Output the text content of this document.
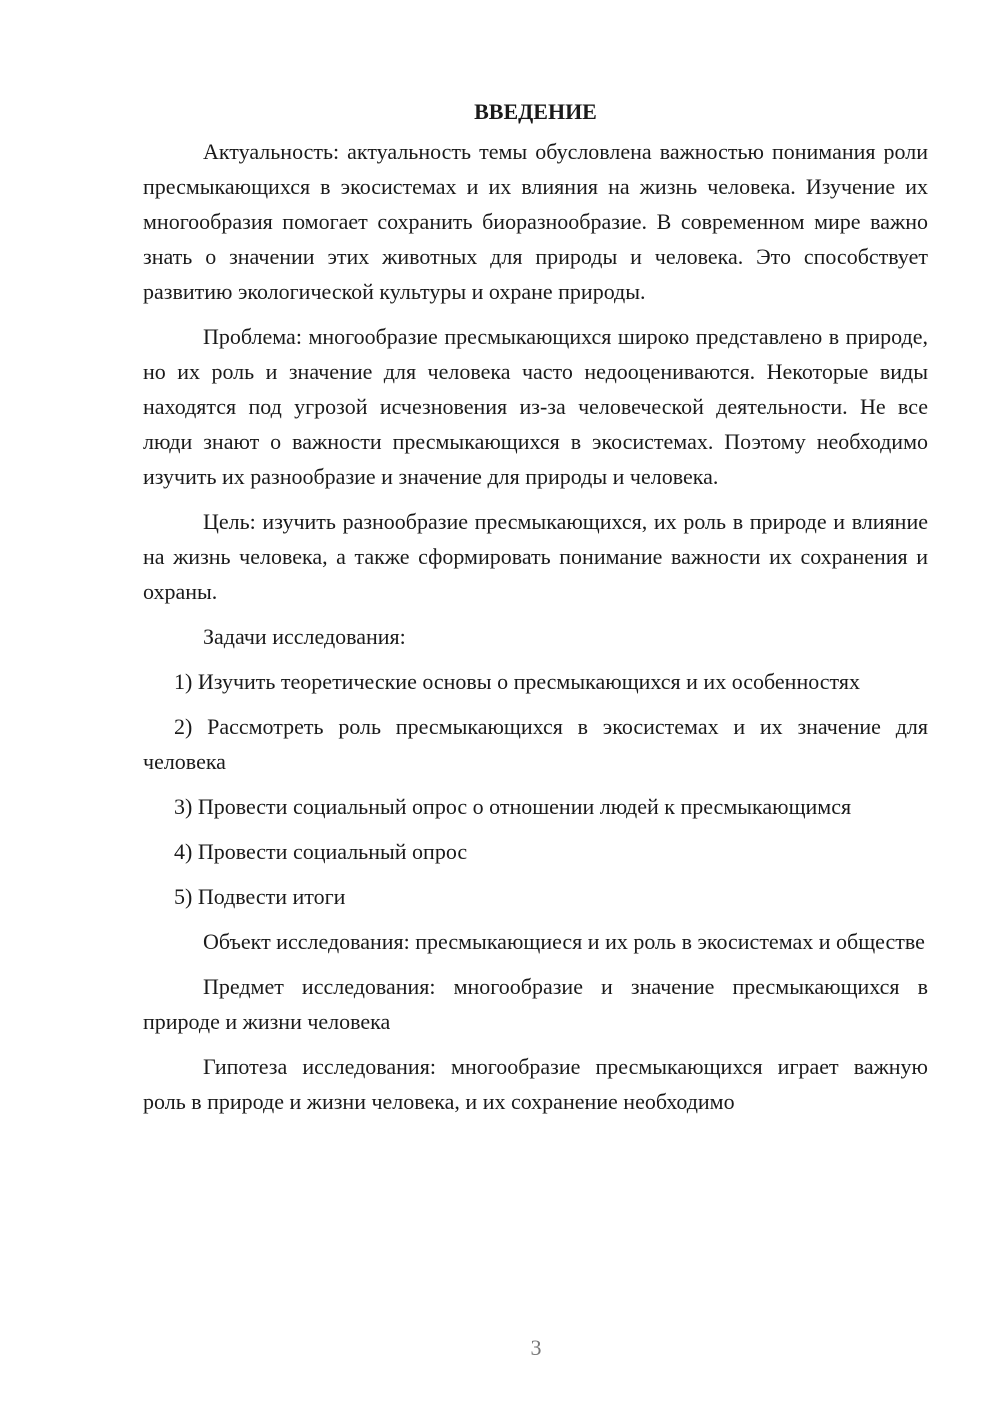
ВВЕДЕНИЕ

Актуальность: актуальность темы обусловлена важностью понимания роли пресмыкающихся в экосистемах и их влияния на жизнь человека. Изучение их многообразия помогает сохранить биоразнообразие. В современном мире важно знать о значении этих животных для природы и человека. Это способствует развитию экологической культуры и охране природы.

Проблема: многообразие пресмыкающихся широко представлено в природе, но их роль и значение для человека часто недооцениваются. Некоторые виды находятся под угрозой исчезновения из-за человеческой деятельности. Не все люди знают о важности пресмыкающихся в экосистемах. Поэтому необходимо изучить их разнообразие и значение для природы и человека.

Цель: изучить разнообразие пресмыкающихся, их роль в природе и влияние на жизнь человека, а также сформировать понимание важности их сохранения и охраны.

Задачи исследования:

1) Изучить теоретические основы о пресмыкающихся и их особенностях

2) Рассмотреть роль пресмыкающихся в экосистемах и их значение для человека

3) Провести социальный опрос о отношении людей к пресмыкающимся

4) Провести социальный опрос

5) Подвести итоги

Объект исследования: пресмыкающиеся и их роль в экосистемах и обществе

Предмет исследования: многообразие и значение пресмыкающихся в природе и жизни человека

Гипотеза исследования: многообразие пресмыкающихся играет важную роль в природе и жизни человека, и их сохранение необходимо

3
